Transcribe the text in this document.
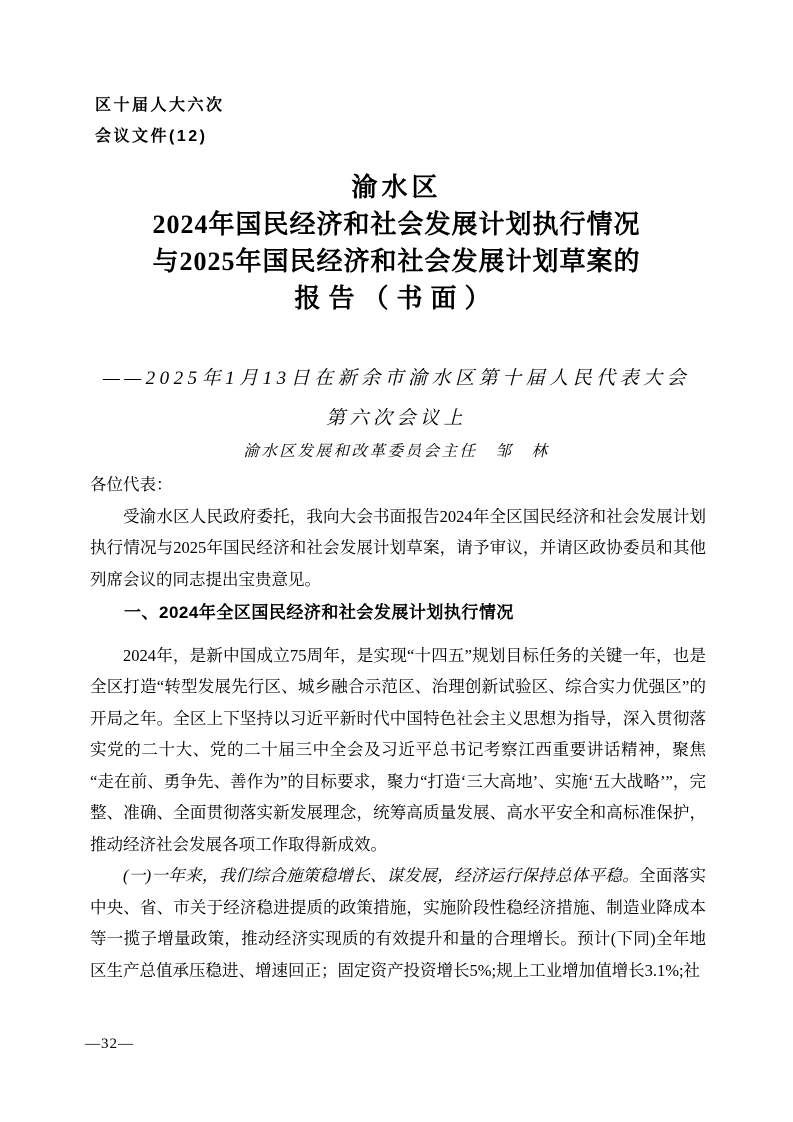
区十届人大六次
会议文件(12)
渝水区
2024年国民经济和社会发展计划执行情况
与2025年国民经济和社会发展计划草案的
报告（书面）
——2025年1月13日在新余市渝水区第十届人民代表大会
第六次会议上
渝水区发展和改革委员会主任　邹　林

各位代表：

受渝水区人民政府委托，我向大会书面报告2024年全区国民经济和社会发展计划执行情况与2025年国民经济和社会发展计划草案，请予审议，并请区政协委员和其他列席会议的同志提出宝贵意见。

一、2024年全区国民经济和社会发展计划执行情况

2024年，是新中国成立75周年，是实现“十四五”规划目标任务的关键一年，也是全区打造“转型发展先行区、城乡融合示范区、治理创新试验区、综合实力优强区”的开局之年。全区上下坚持以习近平新时代中国特色社会主义思想为指导，深入贯彻落实党的二十大、党的二十届三中全会及习近平总书记考察江西重要讲话精神，聚焦“走在前、勇争先、善作为”的目标要求，聚力“打造‘三大高地’、实施‘五大战略’”，完整、准确、全面贯彻落实新发展理念，统筹高质量发展、高水平安全和高标准保护，推动经济社会发展各项工作取得新成效。

(一)一年来，我们综合施策稳增长、谋发展，经济运行保持总体平稳。全面落实中央、省、市关于经济稳进提质的政策措施，实施阶段性稳经济措施、制造业降成本等一揽子增量政策，推动经济实现质的有效提升和量的合理增长。预计(下同)全年地区生产总值承压稳进、增速回正；固定资产投资增长5%;规上工业增加值增长3.1%;社

—32—
